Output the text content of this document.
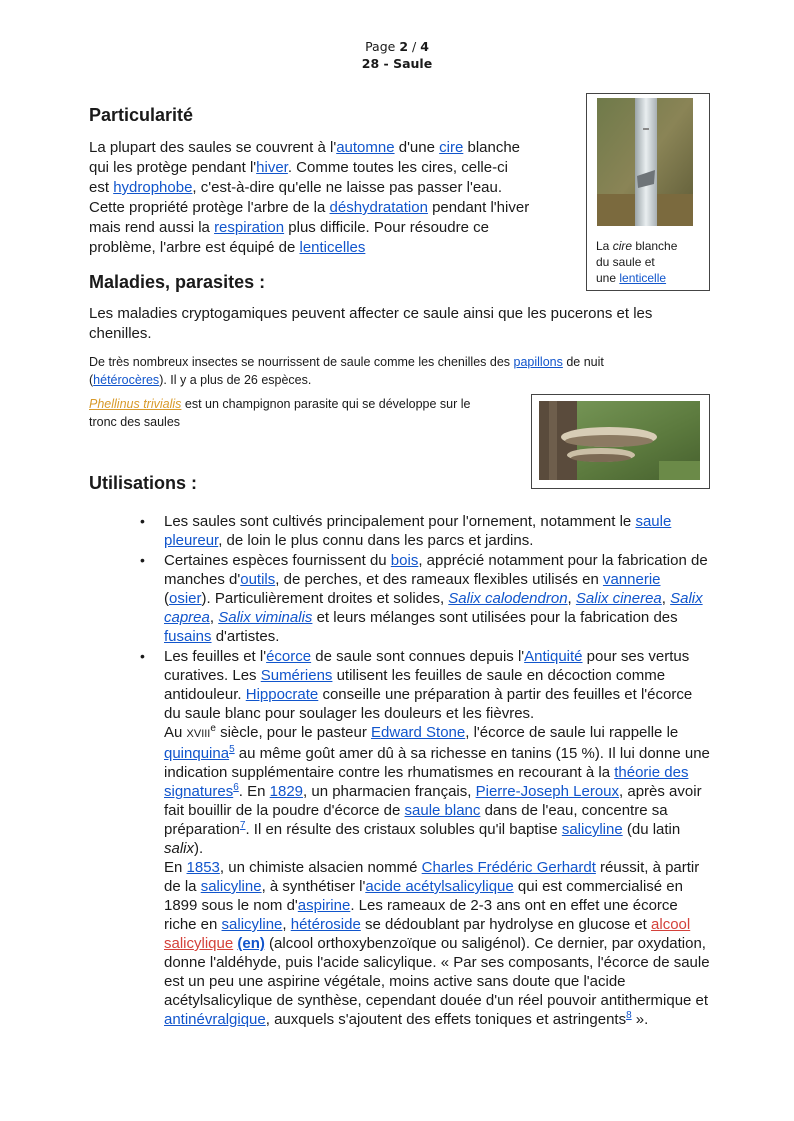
Page 2 / 4
28 - Saule
Particularité
La plupart des saules se couvrent à l'automne d'une cire blanche
qui les protège pendant l'hiver. Comme toutes les cires, celle-ci
est hydrophobe, c'est-à-dire qu'elle ne laisse pas passer l'eau.
Cette propriété protège l'arbre de la déshydratation pendant l'hiver
mais rend aussi la respiration plus difficile. Pour résoudre ce
problème, l'arbre est équipé de lenticelles	La cire blanche
du saule et
une lenticelle
Maladies, parasites :
Les maladies cryptogamiques peuvent affecter ce saule ainsi que les pucerons et les chenilles.
De très nombreux insectes se nourrissent de saule comme les chenilles des papillons de nuit
(hétérocères). Il y a plus de 26 espèces.
Phellinus trivialis est un champignon parasite qui se développe sur le
tronc des saules
Utilisations :
• Les saules sont cultivés principalement pour l'ornement, notamment le saule pleureur, de loin le plus connu dans les parcs et jardins.
• Certaines espèces fournissent du bois, apprécié notamment pour la fabrication de manches d'outils, de perches, et des rameaux flexibles utilisés en vannerie (osier). Particulièrement droites et solides, Salix calodendron, Salix cinerea, Salix caprea, Salix viminalis et leurs mélanges sont utilisées pour la fabrication des fusains d'artistes.
• Les feuilles et l'écorce de saule sont connues depuis l'Antiquité pour ses vertus curatives. Les Sumériens utilisent les feuilles de saule en décoction comme antidouleur. Hippocrate conseille une préparation à partir des feuilles et l'écorce du saule blanc pour soulager les douleurs et les fièvres.
Au XVIIIe siècle, pour le pasteur Edward Stone, l'écorce de saule lui rappelle le quinquina$^5$ au même goût amer dû à sa richesse en tanins (15 %). Il lui donne une indication supplémentaire contre les rhumatismes en recourant à la théorie des signatures$^6$. En 1829, un pharmacien français, Pierre-Joseph Leroux, après avoir fait bouillir de la poudre d'écorce de saule blanc dans de l'eau, concentre sa préparation$^7$. Il en résulte des cristaux solubles qu'il baptise salicyline (du latin salix).
En 1853, un chimiste alsacien nommé Charles Frédéric Gerhardt réussit, à partir de la salicyline, à synthétiser l'acide acétylsalicylique qui est commercialisé en 1899 sous le nom d'aspirine. Les rameaux de 2-3 ans ont en effet une écorce riche en salicyline, hétéroside se dédoublant par hydrolyse en glucose et alcool salicylique (en) (alcool orthoxybenzoïque ou saligénol). Ce dernier, par oxydation, donne l'aldéhyde, puis l'acide salicylique. « Par ses composants, l'écorce de saule est un peu une aspirine végétale, moins active sans doute que l'acide acétylsalicylique de synthèse, cependant douée d'un réel pouvoir antithermique et antinévralgique, auxquels s'ajoutent des effets toniques et astringents$^8$ ».
